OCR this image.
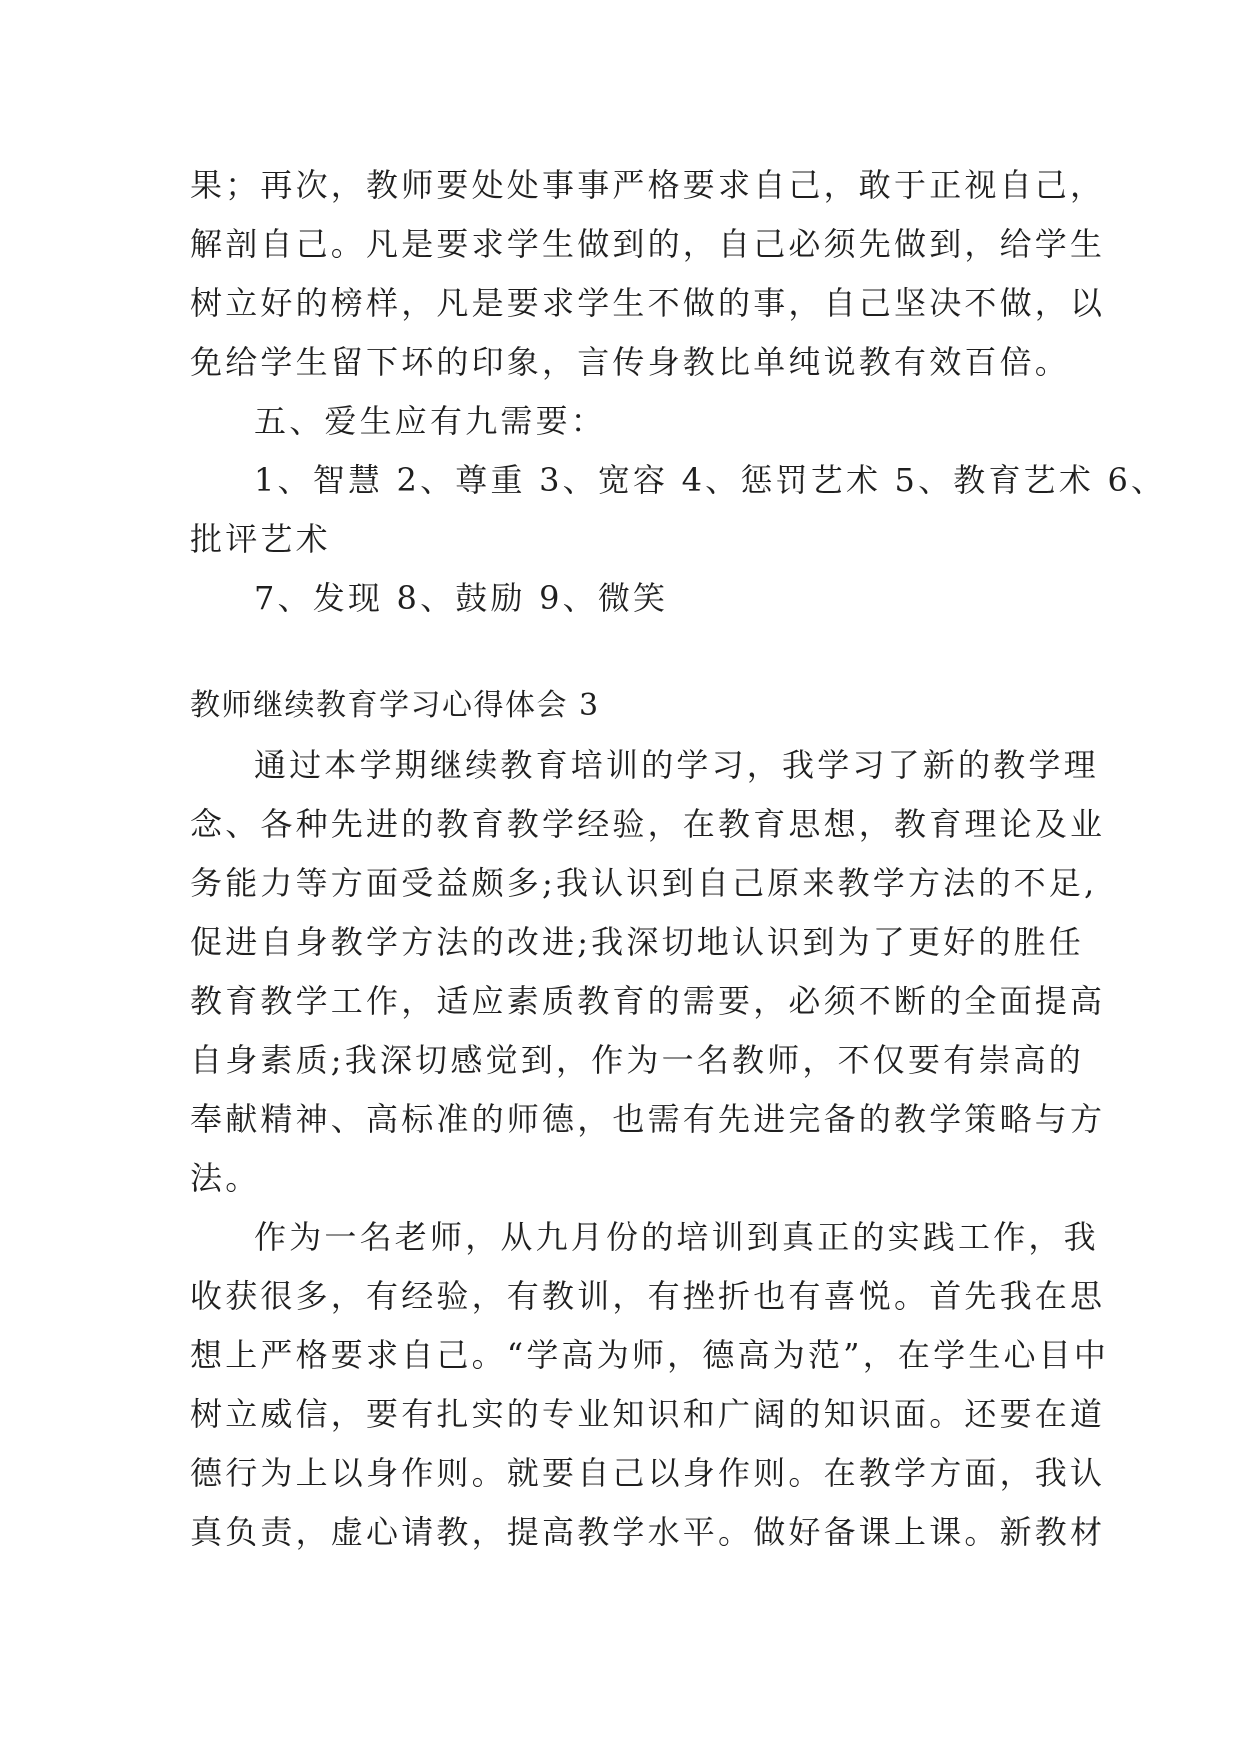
果；再次，教师要处处事事严格要求自己，敢于正视自己，
解剖自己。凡是要求学生做到的，自己必须先做到，给学生
树立好的榜样，凡是要求学生不做的事，自己坚决不做，以
免给学生留下坏的印象，言传身教比单纯说教有效百倍。
五、爱生应有九需要：
1、智慧 2、尊重 3、宽容 4、惩罚艺术 5、教育艺术 6、
批评艺术
7、发现 8、鼓励 9、微笑
教师继续教育学习心得体会 3
通过本学期继续教育培训的学习，我学习了新的教学理
念、各种先进的教育教学经验，在教育思想，教育理论及业
务能力等方面受益颇多;我认识到自己原来教学方法的不足,
促进自身教学方法的改进;我深切地认识到为了更好的胜任
教育教学工作，适应素质教育的需要，必须不断的全面提高
自身素质;我深切感觉到，作为一名教师，不仅要有崇高的
奉献精神、高标准的师德，也需有先进完备的教学策略与方
法。
作为一名老师，从九月份的培训到真正的实践工作，我
收获很多，有经验，有教训，有挫折也有喜悦。首先我在思
想上严格要求自己。“学高为师，德高为范”，在学生心目中
树立威信，要有扎实的专业知识和广阔的知识面。还要在道
德行为上以身作则。就要自己以身作则。在教学方面，我认
真负责，虚心请教，提高教学水平。做好备课上课。新教材
